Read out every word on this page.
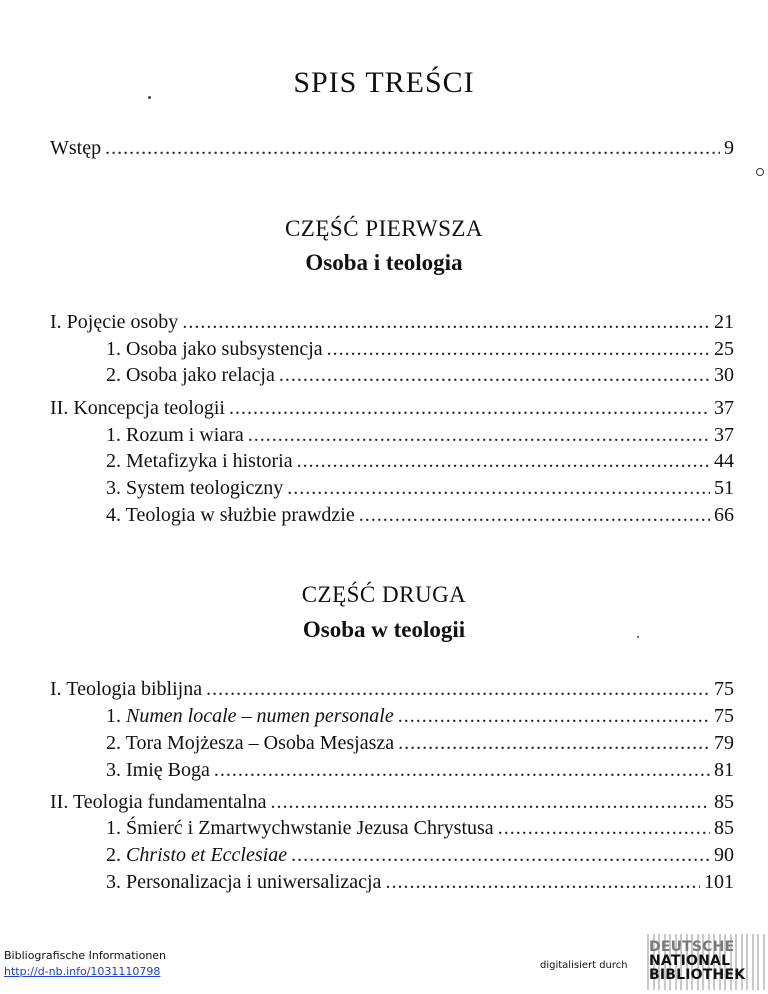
SPIS TREŚCI
Wstęp .....	9
CZĘŚĆ PIERWSZA
Osoba i teologia
I. Pojęcie osoby .....	21
1. Osoba jako subsystencja .....	25
2. Osoba jako relacja .....	30
II. Koncepcja teologii .....	37
1. Rozum i wiara .....	37
2. Metafizyka i historia .....	44
3. System teologiczny .....	51
4. Teologia w służbie prawdzie .....	66
CZĘŚĆ DRUGA
Osoba w teologii
I. Teologia biblijna .....	75
1. Numen locale – numen personale .....	75
2. Tora Mojżesza – Osoba Mesjasza .....	79
3. Imię Boga .....	81
II. Teologia fundamentalna .....	85
1. Śmierć i Zmartwychwstanie Jezusa Chrystusa .....	85
2. Christo et Ecclesiae .....	90
3. Personalizacja i uniwersalizacja .....	101
Bibliografische Informationen
http://d-nb.info/1031110798	digitalisiert durch
DEUTSCHE
NATIONAL
BIBLIOTHEK
